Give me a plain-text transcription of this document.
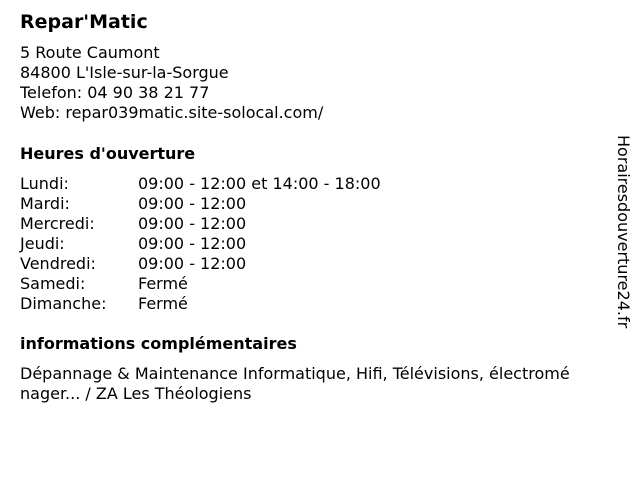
Repar'Matic
5 Route Caumont
84800 L'Isle-sur-la-Sorgue
Telefon: 04 90 38 21 77
Web: repar039matic.site-solocal.com/
Heures d'ouverture
Lundi:	09:00 - 12:00 et 14:00 - 18:00
Mardi:	09:00 - 12:00
Mercredi:	09:00 - 12:00
Jeudi:	09:00 - 12:00
Vendredi:	09:00 - 12:00
Samedi:	Fermé
Dimanche: Fermé
informations complémentaires
Dépannage & Maintenance Informatique, Hifi, Télévisions, électromé
nager... / ZA Les Théologiens
Horairesdouverture24.fr
